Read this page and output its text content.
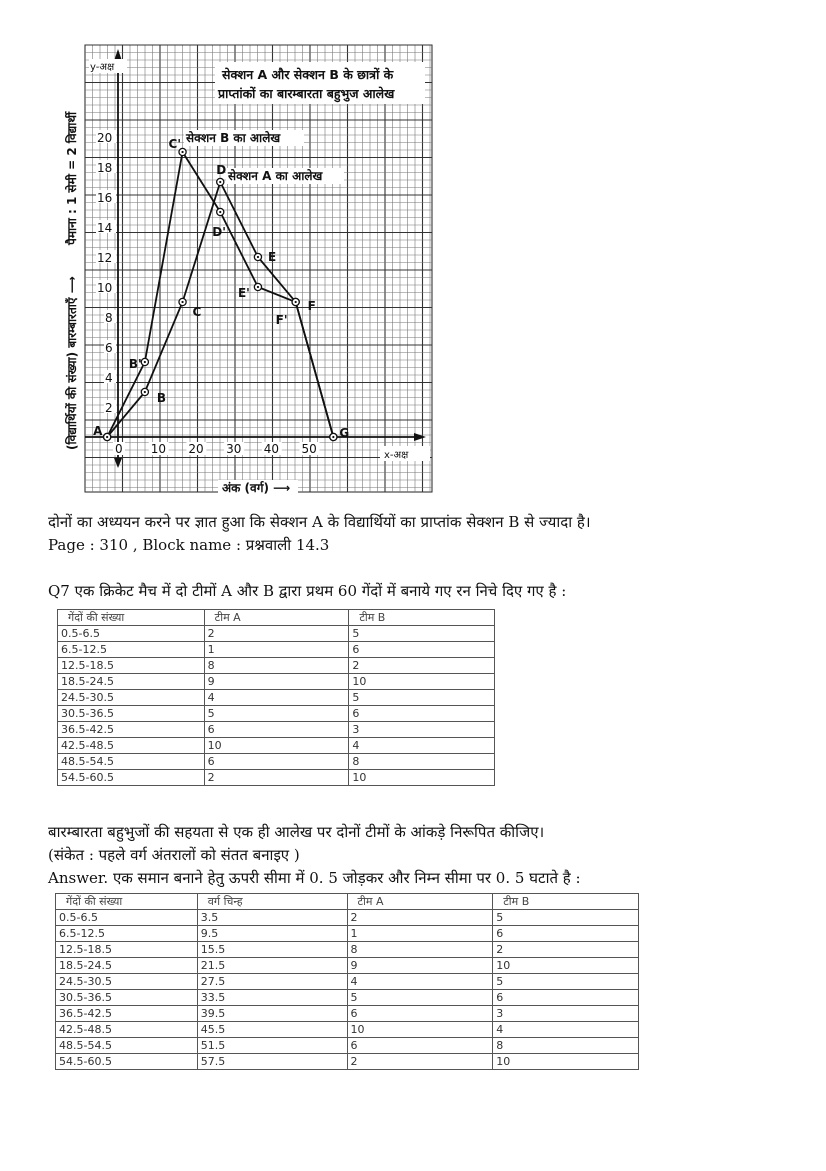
0 10 20 30 40 50
2
4
6
8
10
12
14
16
18
20
A
B
C
D
E
F
G
B'
C'
D'
E'
F'
सेक्शन A और सेक्शन B के छात्रों के
प्राप्तांकों का बारम्बारता बहुभुज आलेख
y-अक्ष
x-अक्ष
अंक (वर्ग) ⟶
(विद्यार्थियों की संख्या) बारम्बारताएँ ⟶
पैमाना : 1 सेमी = 2 विद्यार्थी	सेक्शन B का आलेख
सेक्शन A का आलेख
दोनों का अध्ययन करने पर ज्ञात हुआ कि सेक्शन A के विद्यार्थियों का प्राप्तांक सेक्शन B से ज्यादा है।
Page : 310 , Block name : प्रश्नवाली 14.3
Q7 एक क्रिकेट मैच में दो टीमों A और B द्वारा प्रथम 60 गेंदों में बनाये गए रन निचे दिए गए है :
गेंदों की संख्या	टीम A	टीम B
0.5-6.5	2	5
6.5-12.5	1	6
12.5-18.5	8	2
18.5-24.5	9	10
24.5-30.5	4	5
30.5-36.5	5	6
36.5-42.5	6	3
42.5-48.5	10	4
48.5-54.5	6	8
54.5-60.5	2	10
बारम्बारता बहुभुजों की सहयता से एक ही आलेख पर दोनों टीमों के आंकड़े निरूपित कीजिए।
(संकेत : पहले वर्ग अंतरालों को संतत बनाइए )
Answer. एक समान बनाने हेतु ऊपरी सीमा में 0. 5 जोड़कर और निम्न सीमा पर 0. 5 घटाते है :
गेंदों की संख्या	वर्ग चिन्ह	टीम A	टीम B
0.5-6.5	3.5	2	5
6.5-12.5	9.5	1	6
12.5-18.5	15.5	8	2
18.5-24.5	21.5	9	10
24.5-30.5	27.5	4	5
30.5-36.5	33.5	5	6
36.5-42.5	39.5	6	3
42.5-48.5	45.5	10	4
48.5-54.5	51.5	6	8
54.5-60.5	57.5	2	10
